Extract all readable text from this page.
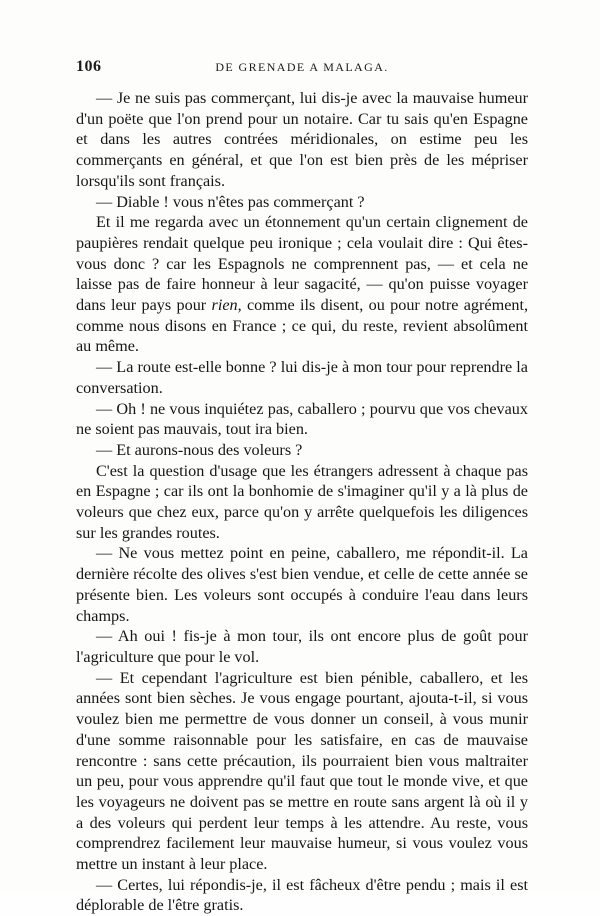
106	DE GRENADE A MALAGA.

— Je ne suis pas commerçant, lui dis-je avec la mauvaise humeur d'un poëte que l'on prend pour un notaire. Car tu sais qu'en Espagne et dans les autres contrées méridionales, on estime peu les commerçants en général, et que l'on est bien près de les mépriser lorsqu'ils sont français.

— Diable ! vous n'êtes pas commerçant ?

Et il me regarda avec un étonnement qu'un certain clignement de paupières rendait quelque peu ironique ; cela voulait dire : Qui êtes-vous donc ? car les Espagnols ne comprennent pas, — et cela ne laisse pas de faire honneur à leur sagacité, — qu'on puisse voyager dans leur pays pour rien, comme ils disent, ou pour notre agrément, comme nous disons en France ; ce qui, du reste, revient absolûment au même.

— La route est-elle bonne ? lui dis-je à mon tour pour reprendre la conversation.

— Oh ! ne vous inquiétez pas, caballero ; pourvu que vos chevaux ne soient pas mauvais, tout ira bien.

— Et aurons-nous des voleurs ?

C'est la question d'usage que les étrangers adressent à chaque pas en Espagne ; car ils ont la bonhomie de s'imaginer qu'il y a là plus de voleurs que chez eux, parce qu'on y arrête quelquefois les diligences sur les grandes routes.

— Ne vous mettez point en peine, caballero, me répondit-il. La dernière récolte des olives s'est bien vendue, et celle de cette année se présente bien. Les voleurs sont occupés à conduire l'eau dans leurs champs.

— Ah oui ! fis-je à mon tour, ils ont encore plus de goût pour l'agriculture que pour le vol.

— Et cependant l'agriculture est bien pénible, caballero, et les années sont bien sèches. Je vous engage pourtant, ajouta-t-il, si vous voulez bien me permettre de vous donner un conseil, à vous munir d'une somme raisonnable pour les satisfaire, en cas de mauvaise rencontre : sans cette précaution, ils pourraient bien vous maltraiter un peu, pour vous apprendre qu'il faut que tout le monde vive, et que les voyageurs ne doivent pas se mettre en route sans argent là où il y a des voleurs qui perdent leur temps à les attendre. Au reste, vous comprendrez facilement leur mauvaise humeur, si vous voulez vous mettre un instant à leur place.

— Certes, lui répondis-je, il est fâcheux d'être pendu ; mais il est déplorable de l'être gratis.
